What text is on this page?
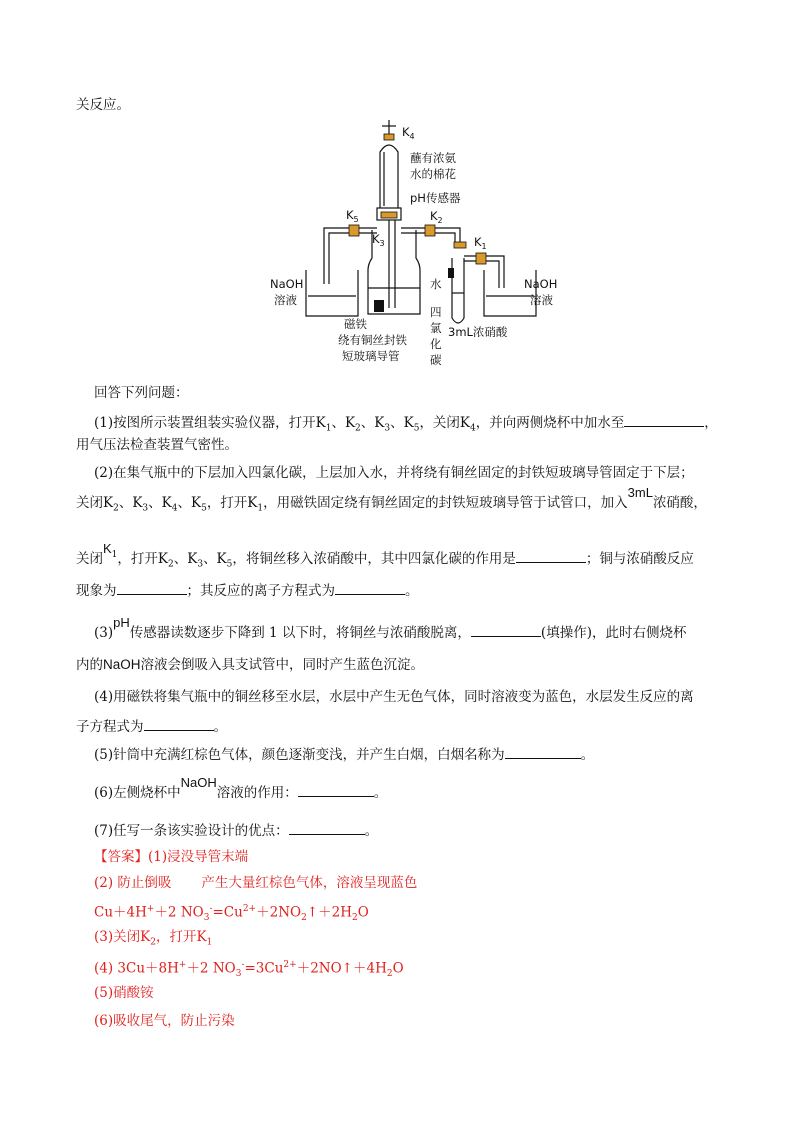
关反应。
$K_4$
蘸有浓氨
水的棉花
pH传感器
$K_5$	$K_2$
$K_3$	$K_1$
NaOH
溶液
NaOH
溶液
水
四
氯
化
碳
磁铁
绕有铜丝封铁
短玻璃导管
3mL浓硝酸
回答下列问题：
(1)按图所示装置组装实验仪器，打开$K_1$、$K_2$、$K_3$、$K_5$，关闭$K_4$，并向两侧烧杯中加水至	，
用气压法检查装置气密性。
(2)在集气瓶中的下层加入四氯化碳，上层加入水，并将绕有铜丝固定的封铁短玻璃导管固定于下层；
关闭$K_2$、$K_3$、$K_4$、$K_5$，打开$K_1$，用磁铁固定绕有铜丝固定的封铁短玻璃导管于试管口，加入3mL浓硝酸，
关闭$K_1$，打开$K_2$、$K_3$、$K_5$，将铜丝移入浓硝酸中，其中四氯化碳的作用是	；铜与浓硝酸反应
现象为	；其反应的离子方程式为	。
(3)pH传感器读数逐步下降到 1 以下时，将铜丝与浓硝酸脱离，	(填操作)，此时右侧烧杯
内的NaOH溶液会倒吸入具支试管中，同时产生蓝色沉淀。
(4)用磁铁将集气瓶中的铜丝移至水层，水层中产生无色气体，同时溶液变为蓝色，水层发生反应的离
子方程式为	。
(5)针筒中充满红棕色气体，颜色逐渐变浅，并产生白烟，白烟名称为	。
(6)左侧烧杯中NaOH溶液的作用：	。
(7)任写一条该实验设计的优点：	。
【答案】(1)浸没导管末端
(2) 防止倒吸 产生大量红棕色气体，溶液呈现蓝色
Cu＋4H+＋2 $NO_3^-=Cu^{2+}+2NO_2↑+2H_2O$
(3)关闭$K_2$，打开$K_1$
(4) 3Cu＋8H+＋2 $NO_3^-=3Cu^{2+}+2NO↑+4H_2O$
(5)硝酸铵
(6)吸收尾气，防止污染
